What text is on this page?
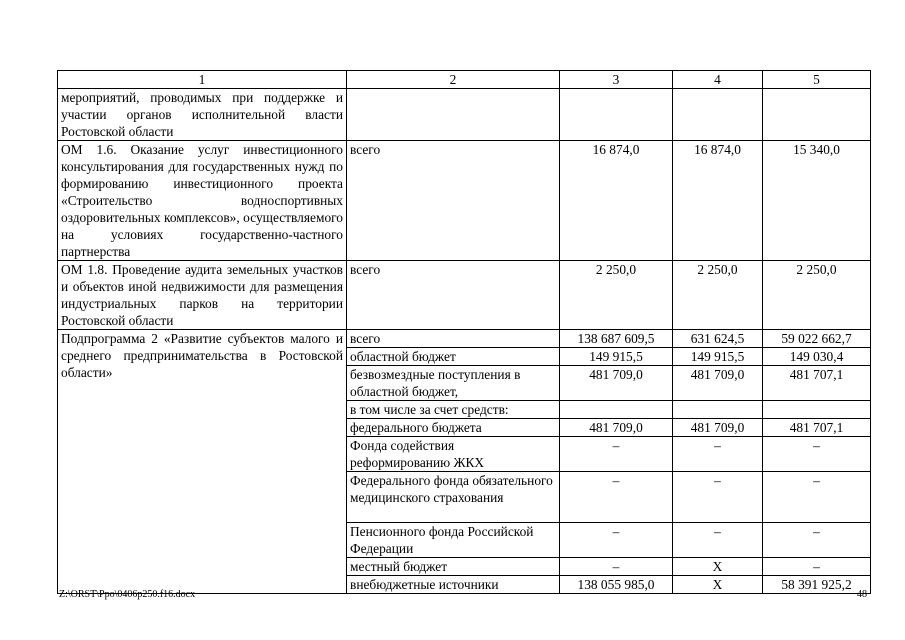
1	2	3	4	5
мероприятий, проводимых при поддержке и участии органов исполнительной власти Ростовской области				
ОМ 1.6. Оказание услуг инвестиционного консультирования для государственных нужд по формированию инвестиционного проекта «Строительство водноспортивных оздоровительных комплексов», осуществляемого на условиях государственно-частного партнерства	всего	16 874,0	16 874,0	15 340,0
ОМ 1.8. Проведение аудита земельных участков и объектов иной недвижимости для размещения индустриальных парков на территории Ростовской области	всего	2 250,0	2 250,0	2 250,0
Подпрограмма 2 «Развитие субъектов малого и среднего предпринимательства в Ростовской области»	всего	138 687 609,5	631 624,5	59 022 662,7
	областной бюджет	149 915,5	149 915,5	149 030,4
	безвозмездные поступления в областной бюджет,	481 709,0	481 709,0	481 707,1
	в том числе за счет средств:			
	федерального бюджета	481 709,0	481 709,0	481 707,1
	Фонда содействия реформированию ЖКХ	–	–	–
	Федерального фонда обязательного медицинского страхования	–	–	–
	Пенсионного фонда Российской Федерации	–	–	–
	местный бюджет	–	Х	–
	внебюджетные источники	138 055 985,0	Х	58 391 925,2
Z:\ORST\Ppo\0406p250.f16.docx	48
